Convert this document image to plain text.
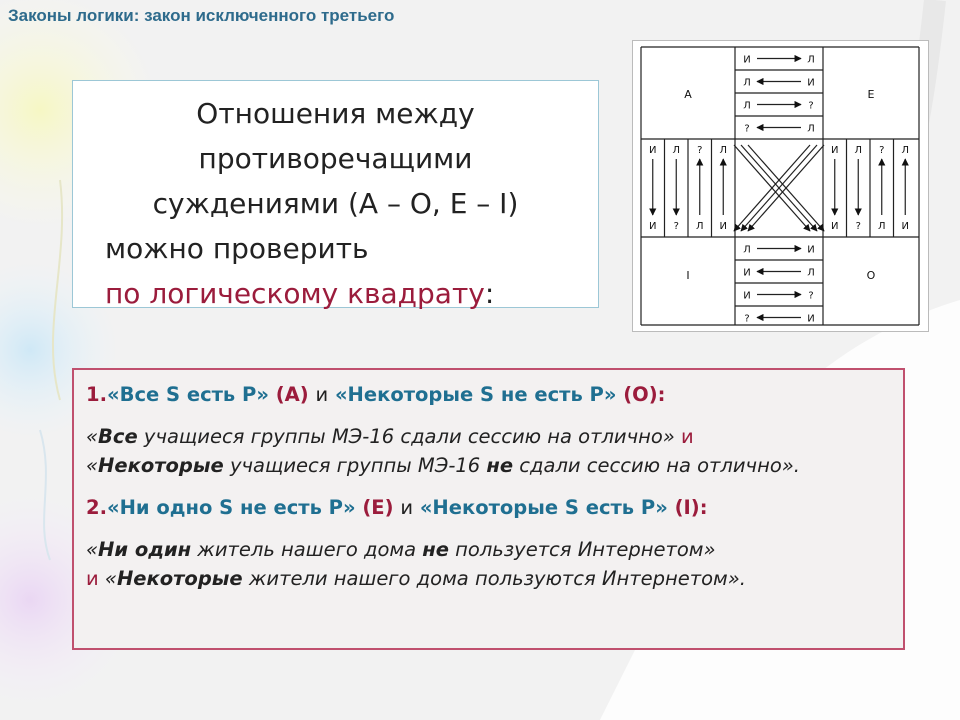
Законы логики: закон исключенного третьего
Отношения между
противоречащими
суждениями (А – О, Е – I)
можно проверить
по логическому квадрату:
А	Е
I	О
И	Л
Л	И
Л	?
?	Л
Л	И
И	Л
И	?
?	И
И
И
Л
?
?
Л
Л
И
И
И
Л
?
?
Л
Л
И

1.«Все S есть P» (А) и «Некоторые S не есть P» (О):

«Все учащиеся группы МЭ-16 сдали сессию на отлично» и
«Некоторые учащиеся группы МЭ-16 не сдали сессию на отлично».

2.«Ни одно S не есть P» (Е) и «Некоторые S есть P» (I):

«Ни один житель нашего дома не пользуется Интернетом»
и «Некоторые жители нашего дома пользуются Интернетом».
